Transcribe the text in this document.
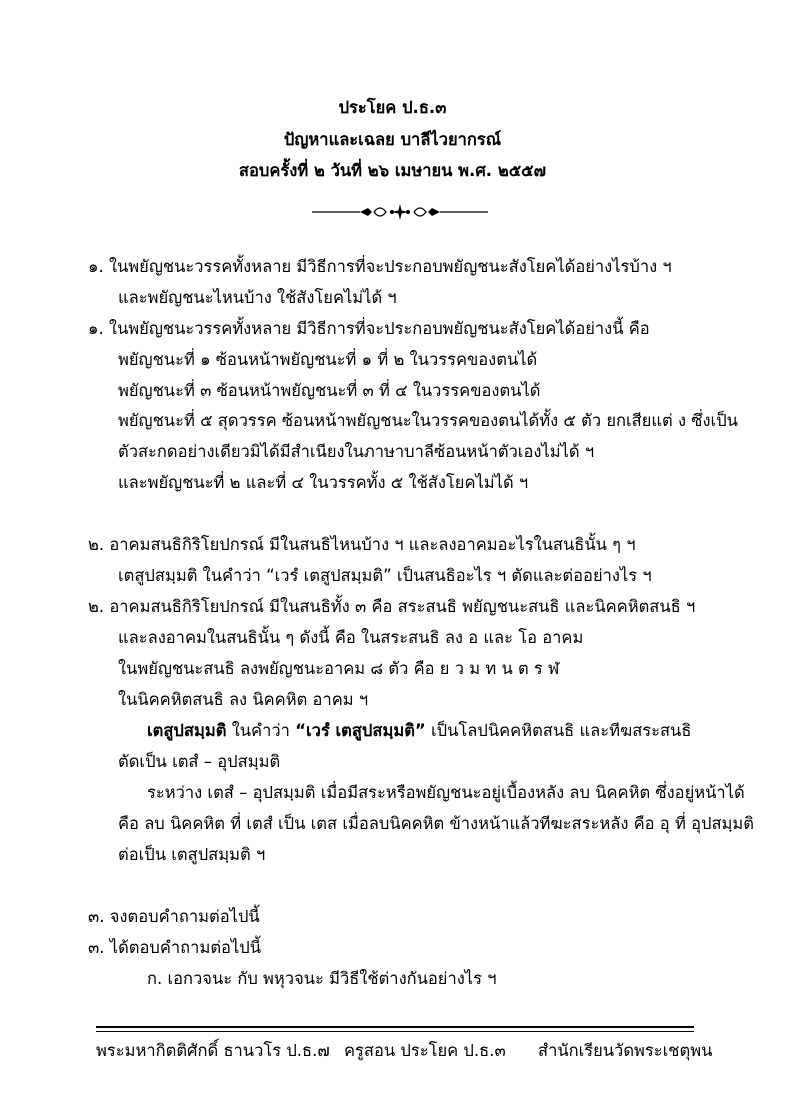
ประโยค ป.ธ.๓
ปัญหาและเฉลย บาลีไวยากรณ์
สอบครั้งที่ ๒ วันที่ ๒๖ เมษายน พ.ศ. ๒๕๕๗
๑. ในพยัญชนะวรรคทั้งหลาย มีวิธีการที่จะประกอบพยัญชนะสังโยคได้อย่างไรบ้าง ฯ
และพยัญชนะไหนบ้าง ใช้สังโยคไม่ได้ ฯ
๑. ในพยัญชนะวรรคทั้งหลาย มีวิธีการที่จะประกอบพยัญชนะสังโยคได้อย่างนี้ คือ
พยัญชนะที่ ๑ ซ้อนหน้าพยัญชนะที่ ๑ ที่ ๒ ในวรรคของตนได้
พยัญชนะที่ ๓ ซ้อนหน้าพยัญชนะที่ ๓ ที่ ๔ ในวรรคของตนได้
พยัญชนะที่ ๕ สุดวรรค ซ้อนหน้าพยัญชนะในวรรคของตนได้ทั้ง ๕ ตัว ยกเสียแต่ ง ซึ่งเป็น
ตัวสะกดอย่างเดียวมิได้มีสำเนียงในภาษาบาลีซ้อนหน้าตัวเองไม่ได้ ฯ
และพยัญชนะที่ ๒ และที่ ๔ ในวรรคทั้ง ๕ ใช้สังโยคไม่ได้ ฯ
๒. อาคมสนธิกิริโยปกรณ์ มีในสนธิไหนบ้าง ฯ และลงอาคมอะไรในสนธินั้น ๆ ฯ
เตสูปสมฺมติ ในคำว่า “เวรํ เตสูปสมฺมติ” เป็นสนธิอะไร ฯ ตัดและต่ออย่างไร ฯ
๒. อาคมสนธิกิริโยปกรณ์ มีในสนธิทั้ง ๓ คือ สระสนธิ พยัญชนะสนธิ และนิคคหิตสนธิ ฯ
และลงอาคมในสนธินั้น ๆ ดังนี้ คือ ในสระสนธิ ลง อ และ โอ อาคม
ในพยัญชนะสนธิ ลงพยัญชนะอาคม ๘ ตัว คือ ย ว ม ท น ต ร ฬ
ในนิคคหิตสนธิ ลง นิคคหิต อาคม ฯ
เตสูปสมฺมติ ในคำว่า “เวรํ เตสูปสมฺมติ” เป็นโลปนิคคหิตสนธิ และทีฆสระสนธิ
ตัดเป็น เตสํ – อุปสมฺมติ
ระหว่าง เตสํ – อุปสมฺมติ เมื่อมีสระหรือพยัญชนะอยู่เบื้องหลัง ลบ นิคคหิต ซึ่งอยู่หน้าได้
คือ ลบ นิคคหิต ที่ เตสํ เป็น เตส เมื่อลบนิคคหิต ข้างหน้าแล้วทีฆะสระหลัง คือ อุ ที่ อุปสมฺมติ
ต่อเป็น เตสูปสมฺมติ ฯ
๓. จงตอบคำถามต่อไปนี้
๓. ได้ตอบคำถามต่อไปนี้
ก. เอกวจนะ กับ พหุวจนะ มีวิธีใช้ต่างกันอย่างไร ฯ
พระมหากิตติศักดิ์ ธานวโร ป.ธ.๗ ครูสอน ประโยค ป.ธ.๓ สำนักเรียนวัดพระเชตุพน
